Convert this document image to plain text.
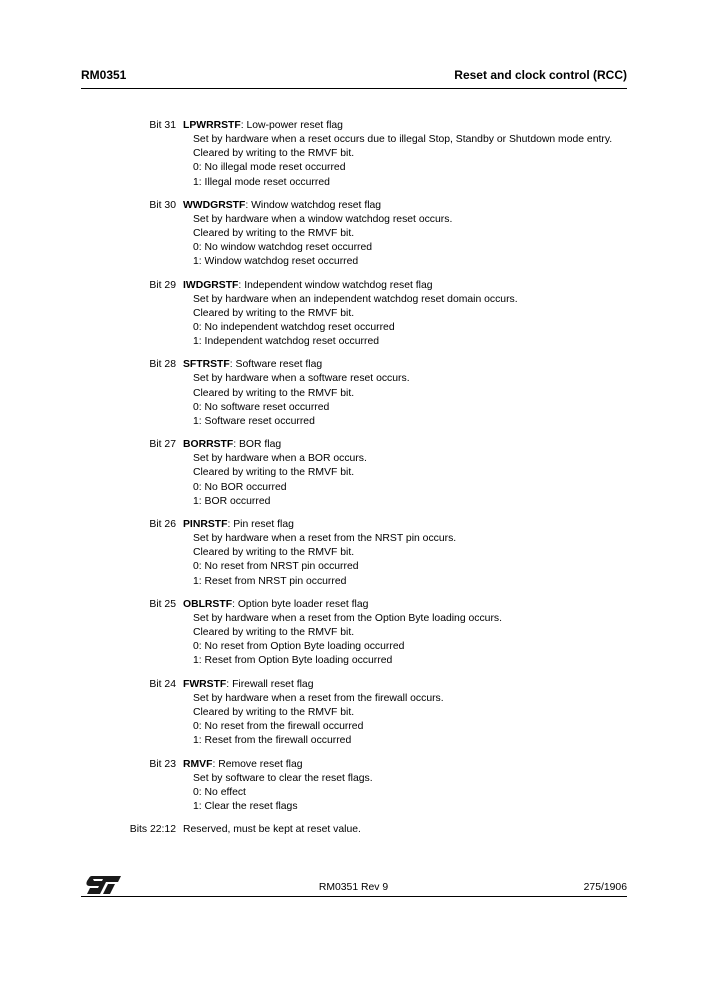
RM0351	Reset and clock control (RCC)
Bit 31 LPWRRSTF: Low-power reset flag
Set by hardware when a reset occurs due to illegal Stop, Standby or Shutdown mode entry.
Cleared by writing to the RMVF bit.
0: No illegal mode reset occurred
1: Illegal mode reset occurred
Bit 30 WWDGRSTF: Window watchdog reset flag
Set by hardware when a window watchdog reset occurs.
Cleared by writing to the RMVF bit.
0: No window watchdog reset occurred
1: Window watchdog reset occurred
Bit 29 IWDGRSTF: Independent window watchdog reset flag
Set by hardware when an independent watchdog reset domain occurs.
Cleared by writing to the RMVF bit.
0: No independent watchdog reset occurred
1: Independent watchdog reset occurred
Bit 28 SFTRSTF: Software reset flag
Set by hardware when a software reset occurs.
Cleared by writing to the RMVF bit.
0: No software reset occurred
1: Software reset occurred
Bit 27 BORRSTF: BOR flag
Set by hardware when a BOR occurs.
Cleared by writing to the RMVF bit.
0: No BOR occurred
1: BOR occurred
Bit 26 PINRSTF: Pin reset flag
Set by hardware when a reset from the NRST pin occurs.
Cleared by writing to the RMVF bit.
0: No reset from NRST pin occurred
1: Reset from NRST pin occurred
Bit 25 OBLRSTF: Option byte loader reset flag
Set by hardware when a reset from the Option Byte loading occurs.
Cleared by writing to the RMVF bit.
0: No reset from Option Byte loading occurred
1: Reset from Option Byte loading occurred
Bit 24 FWRSTF: Firewall reset flag
Set by hardware when a reset from the firewall occurs.
Cleared by writing to the RMVF bit.
0: No reset from the firewall occurred
1: Reset from the firewall occurred
Bit 23 RMVF: Remove reset flag
Set by software to clear the reset flags.
0: No effect
1: Clear the reset flags
Bits 22:12 Reserved, must be kept at reset value.
RM0351 Rev 9	275/1906
